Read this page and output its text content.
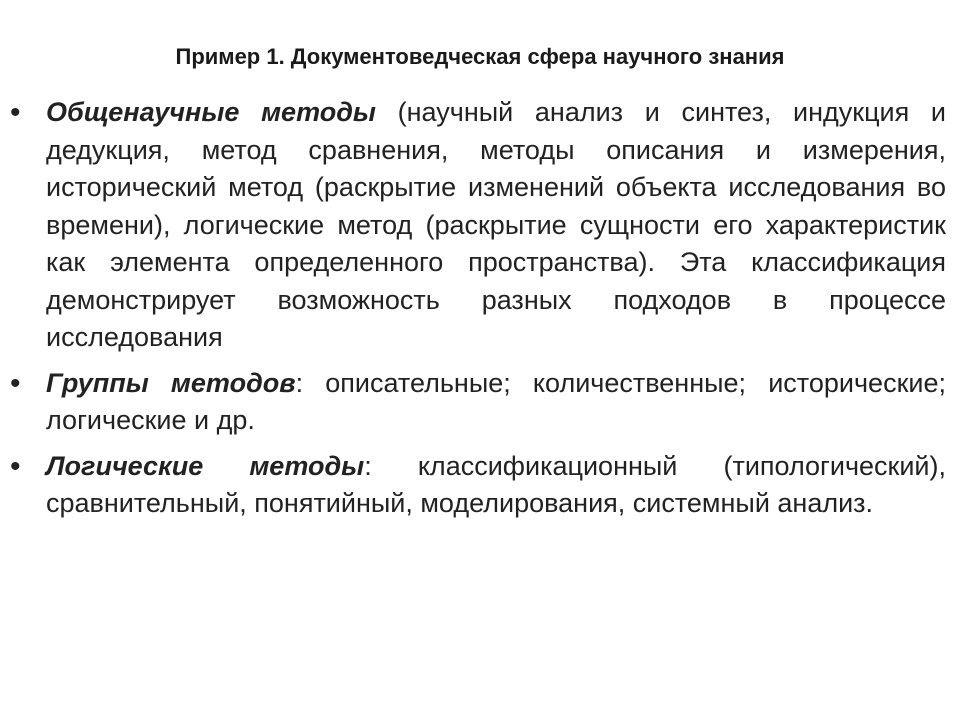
Пример 1. Документоведческая сфера научного знания
• Общенаучные методы (научный анализ и синтез, индукция и дедукция, метод сравнения, методы описания и измерения, исторический метод (раскрытие изменений объекта исследования во времени), логические метод (раскрытие сущности его характеристик как элемента определенного пространства). Эта классификация демонстрирует возможность разных подходов в процессе исследования
• Группы методов: описательные; количественные; исторические; логические и др.
• Логические методы: классификационный (типологический), сравнительный, понятийный, моделирования, системный анализ.
